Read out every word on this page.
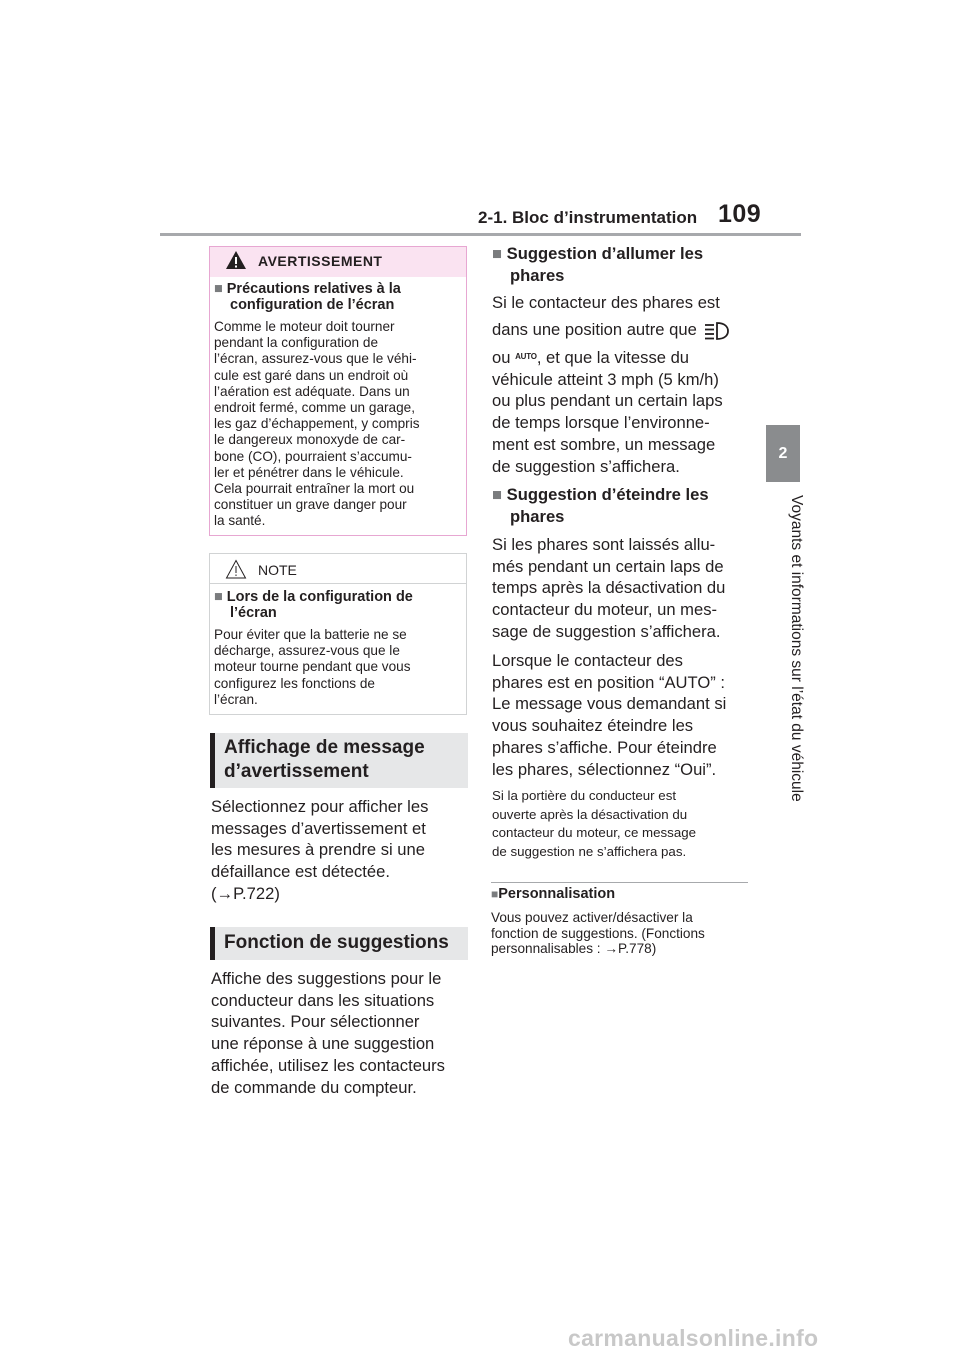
2-1. Bloc d’instrumentation 109
2
Voyants et informations sur l’état du véhicule
AVERTISSEMENT
■ Précautions relatives à la
configuration de l’écran
Comme le moteur doit tourner
pendant la configuration de
l’écran, assurez-vous que le véhi-
cule est garé dans un endroit où
l’aération est adéquate. Dans un
endroit fermé, comme un garage,
les gaz d’échappement, y compris
le dangereux monoxyde de car-
bone (CO), pourraient s’accumu-
ler et pénétrer dans le véhicule.
Cela pourrait entraîner la mort ou
constituer un grave danger pour
la santé.
NOTE
■ Lors de la configuration de
l’écran
Pour éviter que la batterie ne se
décharge, assurez-vous que le
moteur tourne pendant que vous
configurez les fonctions de
l’écran.
Affichage de message
d’avertissement
Sélectionnez pour afficher les
messages d’avertissement et
les mesures à prendre si une
défaillance est détectée.
(→P.722)
Fonction de suggestions
Affiche des suggestions pour le
conducteur dans les situations
suivantes. Pour sélectionner
une réponse à une suggestion
affichée, utilisez les contacteurs
de commande du compteur.
■ Suggestion d’allumer les
phares
Si le contacteur des phares est
dans une position autre que
ou $^{AUTO}$, et que la vitesse du
véhicule atteint 3 mph (5 km/h)
ou plus pendant un certain laps
de temps lorsque l’environne-
ment est sombre, un message
de suggestion s’affichera.
■ Suggestion d’éteindre les
phares
Si les phares sont laissés allu-
més pendant un certain laps de
temps après la désactivation du
contacteur du moteur, un mes-
sage de suggestion s’affichera.
Lorsque le contacteur des
phares est en position “AUTO” :
Le message vous demandant si
vous souhaitez éteindre les
phares s’affiche. Pour éteindre
les phares, sélectionnez “Oui”.
Si la portière du conducteur est
ouverte après la désactivation du
contacteur du moteur, ce message
de suggestion ne s’affichera pas.
■Personnalisation
Vous pouvez activer/désactiver la
fonction de suggestions. (Fonctions
personnalisables : →P.778)
carmanualsonline.info
